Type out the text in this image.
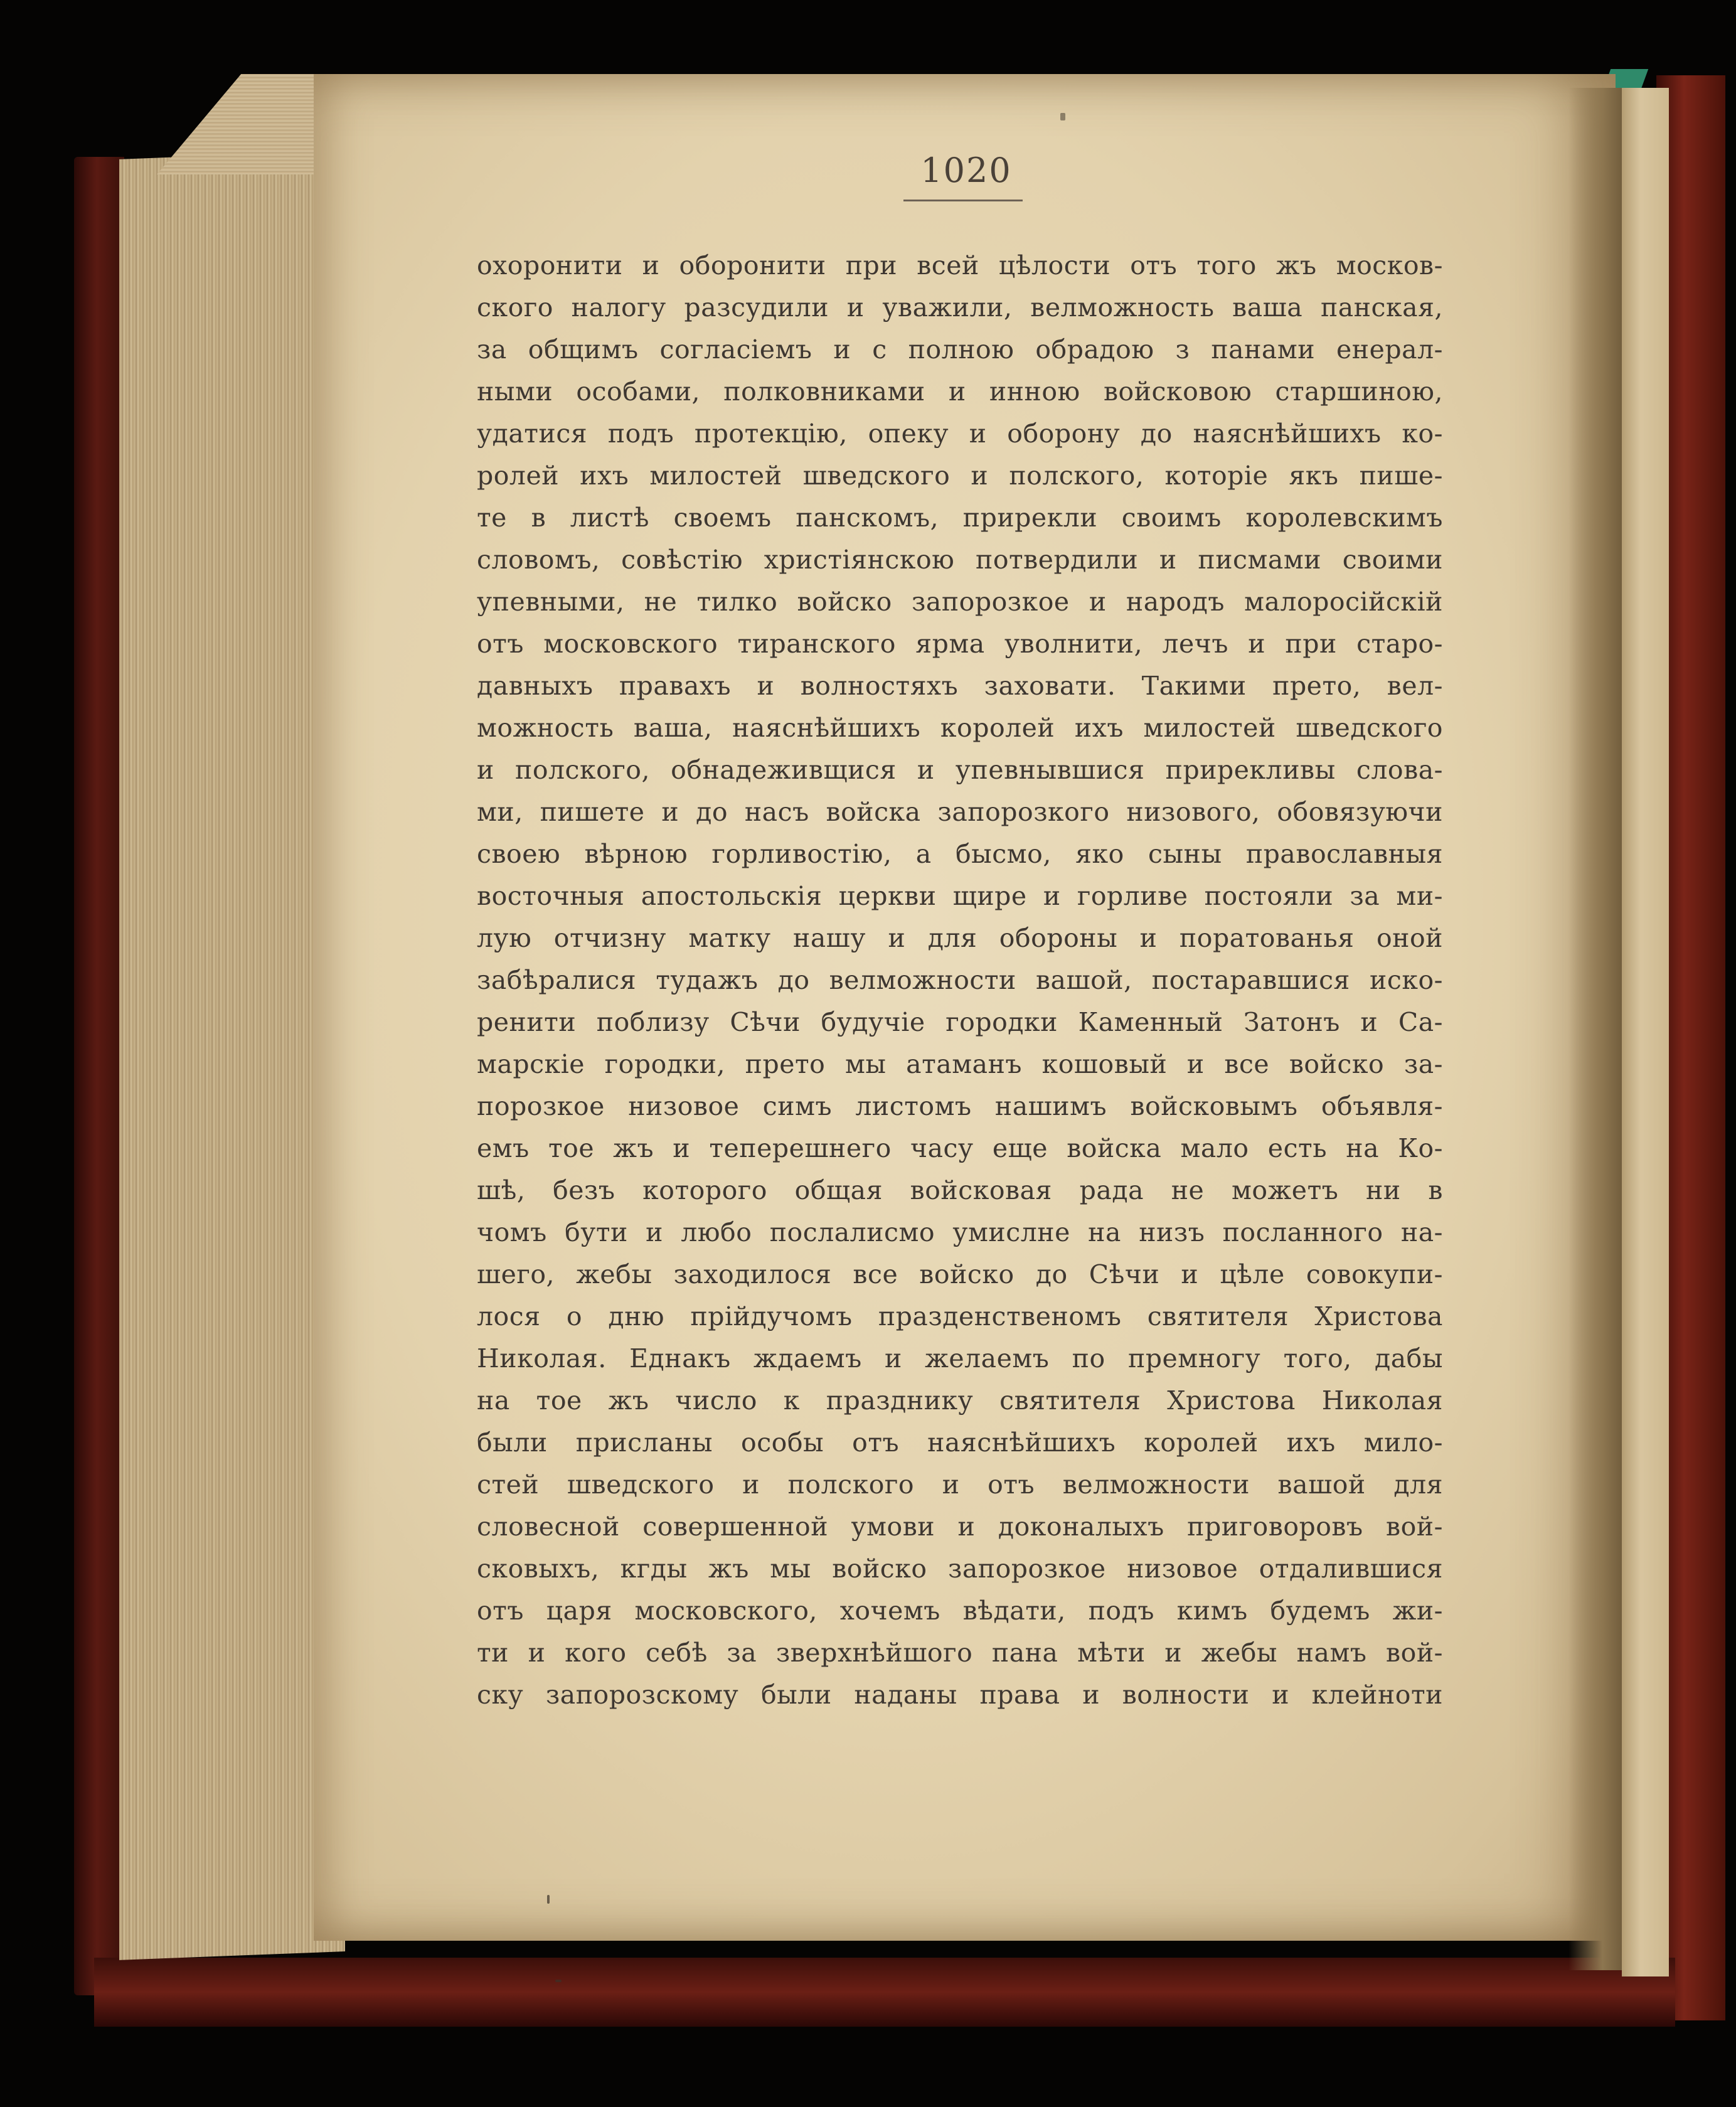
1020
охоронити и оборонити при всей цѣлости отъ того жъ москов-
ского налогу разсудили и уважили, велможность ваша панская,
за общимъ согласіемъ и с полною обрадою з панами енерал-
ными особами, полковниками и инною войсковою старшиною,
удатися подъ протекцію, опеку и оборону до наяснѣйшихъ ко-
ролей ихъ милостей шведского и полского, которіе якъ пише-
те в листѣ своемъ панскомъ, прирекли своимъ королевскимъ
словомъ, совѣстію христіянскою потвердили и писмами своими
упевными, не тилко войско запорозкое и народъ малоросійскій
отъ московского тиранского ярма уволнити, лечъ и при старо-
давныхъ правахъ и волностяхъ заховати. Такими прето, вел-
можность ваша, наяснѣйшихъ королей ихъ милостей шведского
и полского, обнадеживщися и упевнывшися прирекливы слова-
ми, пишете и до насъ войска запорозкого низового, обовязуючи
своею вѣрною горливостію, а бысмо, яко сыны православныя
восточныя апостольскія церкви щире и горливе постояли за ми-
лую отчизну матку нашу и для обороны и поратованья оной
забѣралися тудажъ до велможности вашой, постаравшися иско-
ренити поблизу Сѣчи будучіе городки Каменный Затонъ и Са-
марскіе городки, прето мы атаманъ кошовый и все войско за-
порозкое низовое симъ листомъ нашимъ войсковымъ объявля-
емъ тое жъ и теперешнего часу еще войска мало есть на Ко-
шѣ, безъ которого общая войсковая рада не можетъ ни в
чомъ бути и любо послалисмо умислне на низъ посланного на-
шего, жебы заходилося все войско до Сѣчи и цѣле совокупи-
лося о дню прійдучомъ празденственомъ святителя Христова
Николая. Еднакъ ждаемъ и желаемъ по премногу того, дабы
на тое жъ число к празднику святителя Христова Николая
были присланы особы отъ наяснѣйшихъ королей ихъ мило-
стей шведского и полского и отъ велможности вашой для
словесной совершенной умови и доконалыхъ приговоровъ вой-
сковыхъ, кгды жъ мы войско запорозкое низовое отдалившися
отъ царя московского, хочемъ вѣдати, подъ кимъ будемъ жи-
ти и кого себѣ за зверхнѣйшого пана мѣти и жебы намъ вой-
ску запорозскому были наданы права и волности и клейноти
